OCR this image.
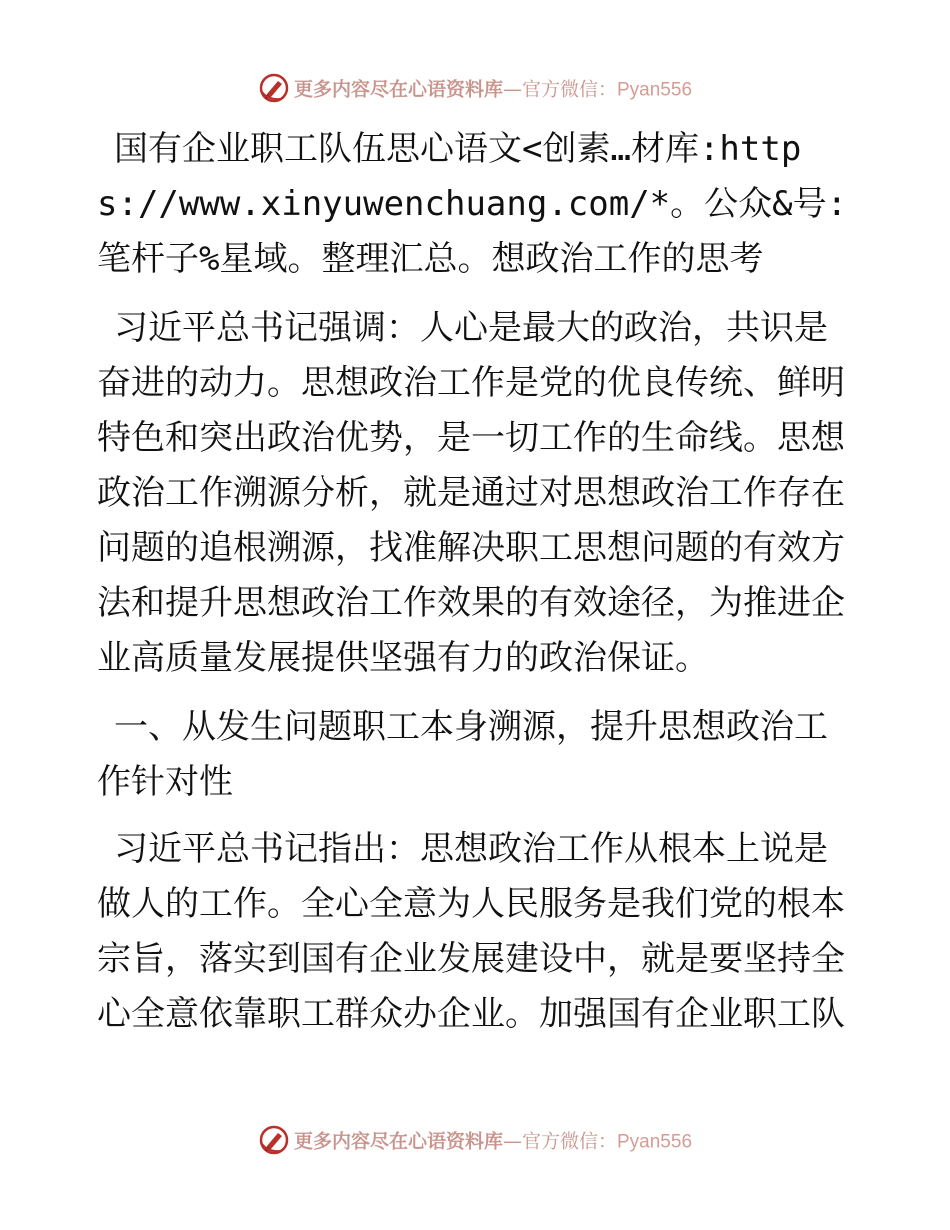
更多内容尽在心语资料库—官方微信：Pyan556

国有企业职工队伍思心语文<创素…材库:https://www.xinyuwenchuang.com/*。公众&号:笔杆子%星域。整理汇总。想政治工作的思考

习近平总书记强调：人心是最大的政治，共识是奋进的动力。思想政治工作是党的优良传统、鲜明特色和突出政治优势，是一切工作的生命线。思想政治工作溯源分析，就是通过对思想政治工作存在问题的追根溯源，找准解决职工思想问题的有效方法和提升思想政治工作效果的有效途径，为推进企业高质量发展提供坚强有力的政治保证。

一、从发生问题职工本身溯源，提升思想政治工作针对性

习近平总书记指出：思想政治工作从根本上说是做人的工作。全心全意为人民服务是我们党的根本宗旨，落实到国有企业发展建设中，就是要坚持全心全意依靠职工群众办企业。加强国有企业职工队

更多内容尽在心语资料库—官方微信：Pyan556
